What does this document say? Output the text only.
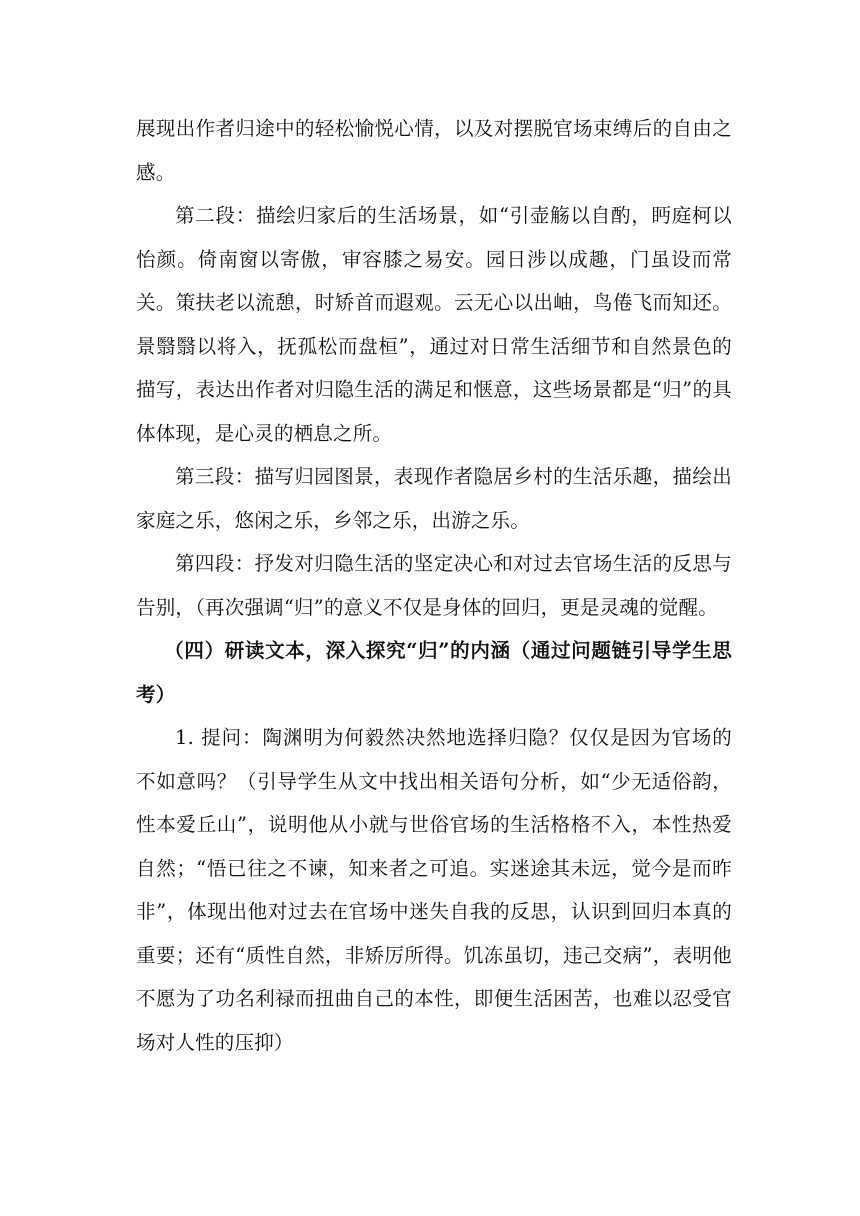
展现出作者归途中的轻松愉悦心情，以及对摆脱官场束缚后的自由之感。

第二段：描绘归家后的生活场景，如“引壶觞以自酌，眄庭柯以怡颜。倚南窗以寄傲，审容膝之易安。园日涉以成趣，门虽设而常关。策扶老以流憩，时矫首而遐观。云无心以出岫，鸟倦飞而知还。景翳翳以将入，抚孤松而盘桓”，通过对日常生活细节和自然景色的描写，表达出作者对归隐生活的满足和惬意，这些场景都是“归”的具体体现，是心灵的栖息之所。

第三段：描写归园图景，表现作者隐居乡村的生活乐趣，描绘出家庭之乐，悠闲之乐，乡邻之乐，出游之乐。

第四段：抒发对归隐生活的坚定决心和对过去官场生活的反思与告别，（再次强调“归”的意义不仅是身体的回归，更是灵魂的觉醒。

（四）研读文本，深入探究“归”的内涵（通过问题链引导学生思考）

1. 提问：陶渊明为何毅然决然地选择归隐？仅仅是因为官场的不如意吗？（引导学生从文中找出相关语句分析，如“少无适俗韵，性本爱丘山”，说明他从小就与世俗官场的生活格格不入，本性热爱自然；“悟已往之不谏，知来者之可追。实迷途其未远，觉今是而昨非”，体现出他对过去在官场中迷失自我的反思，认识到回归本真的重要；还有“质性自然，非矫厉所得。饥冻虽切，违己交病”，表明他不愿为了功名利禄而扭曲自己的本性，即便生活困苦，也难以忍受官场对人性的压抑）
